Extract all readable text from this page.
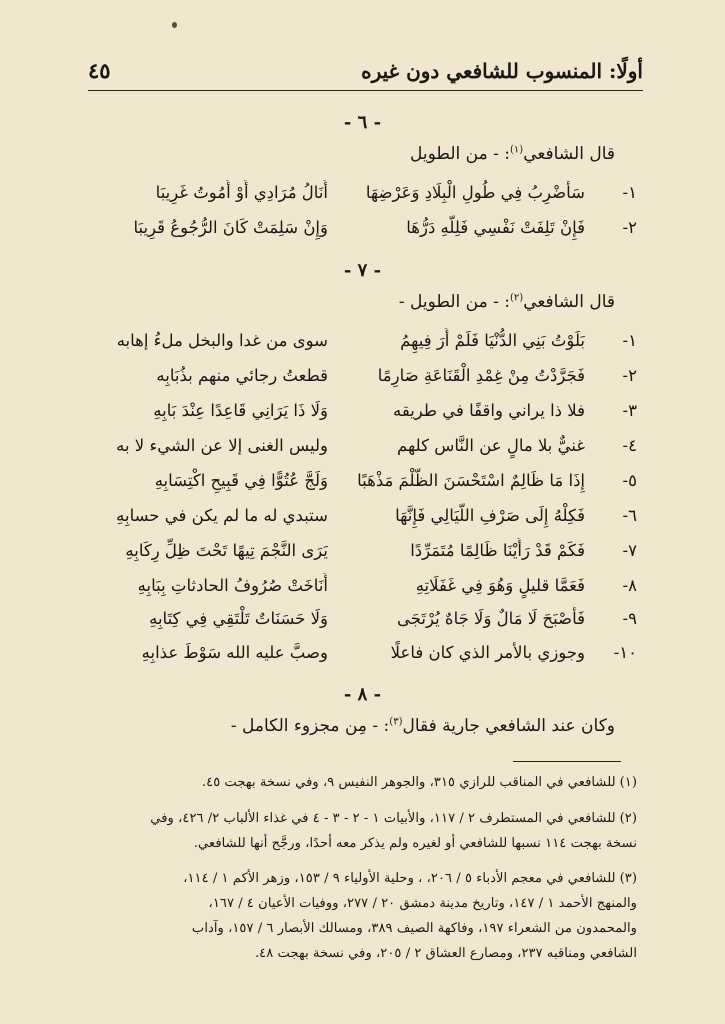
أولًا: المنسوب للشافعي دون غيره
٤٥
- ٦ -
قال الشافعي$^{(١)}$: - من الطويل
١-
سَأَضْرِبُ فِي طُولِ الْبِلَادِ وَعَرْضِهَا
أَنَالُ مُرَادِي أَوْ أَمُوتُ غَرِيبَا
٢-
فَإِنْ تَلِفَتْ نَفْسِي فَلِلَّهِ دَرُّهَا
وَإِنْ سَلِمَتْ كَانَ الرُّجُوعُ قَرِيبَا
- ٧ -
قال الشافعي$^{(٢)}$: - من الطويل -
١-
بَلَوْتُ بَنِي الدُّنْيَا فَلَمْ أَرَ فِيهِمُ
سوى من غدا والبخل ملءُ إهابه
٢-
فَجَرَّدْتُ مِنْ غِمْدِ الْقَنَاعَةِ صَارِمًا
قطعتُ رجائي منهم بذُبَابِه
٣-
فلا ذا يراني واقفًا في طريقه
وَلَا ذَا يَرَانِي قَاعِدًا عِنْدَ بَابِهِ
٤-
غنيٌّ بلا مالٍ عن النَّاس كلهم
وليس الغنى إلا عن الشيء لا به
٥-
إِذَا مَا ظَالِمٌ اسْتَحْسَنَ الظُّلْمَ مَذْهَبًا
وَلَجَّ عُتُوًّا فِي قَبِيحِ اكْتِسَابِهِ
٦-
فَكِلْهُ إِلَى صَرْفِ اللَّيَالِي فَإِنَّهَا
ستبدي له ما لم يكن في حسابِهِ
٧-
فَكَمْ قَدْ رَأَيْنَا ظَالِمًا مُتَمَرِّدًا
يَرَى النَّجْمَ تِيهًا تَحْتَ ظِلِّ رِكَابِهِ
٨-
فَعَمَّا قليلٍ وَهُوَ فِي غَفَلَاتِهِ
أَنَاخَتْ صُرُوفُ الحادثاتِ بِبَابِهِ
٩-
فَأَصْبَحَ لَا مَالٌ وَلَا جَاهٌ يُرْتَجَى
وَلَا حَسَنَاتٌ تَلْتَقِي فِي كِتَابِهِ
١٠-
وجوزي بالأمر الذي كان فاعلًا
وصبَّ عليه الله سَوْطَ عذابِهِ
- ٨ -
وكان عند الشافعي جارية فقال$^{(٣)}$: - مِن مجزوء الكامل -
(١)للشافعي في المناقب للرازي ٣١٥، والجوهر النفيس ٩، وفي نسخة بهجت ٤٥.
(٢)للشافعي في المستطرف ٢ / ١١٧، والأبيات ١ - ٢ - ٣ - ٤ في غذاء الألباب ٢/ ٤٢٦، وفي
نسخة بهجت ١١٤ نسبها للشافعي أو لغيره ولم يذكر معه أحدًا، ورجَّح أنها للشافعي.
(٣)للشافعي في معجم الأدباء ٥ / ٢٠٦، ، وحلية الأولياء ٩ / ١٥٣، وزهر الأكم ١ / ١١٤،
والمنهج الأحمد ١ / ١٤٧، وتاريخ مدينة دمشق ٢٠ / ٢٧٧، ووفيات الأعيان ٤ / ١٦٧،
والمحمدون من الشعراء ١٩٧، وفاكهة الصيف ٣٨٩، ومسالك الأبصار ٦ / ١٥٧، وآداب
الشافعي ومناقبه ٢٣٧، ومصارع العشاق ٢ / ٢٠٥، وفي نسخة بهجت ٤٨.
